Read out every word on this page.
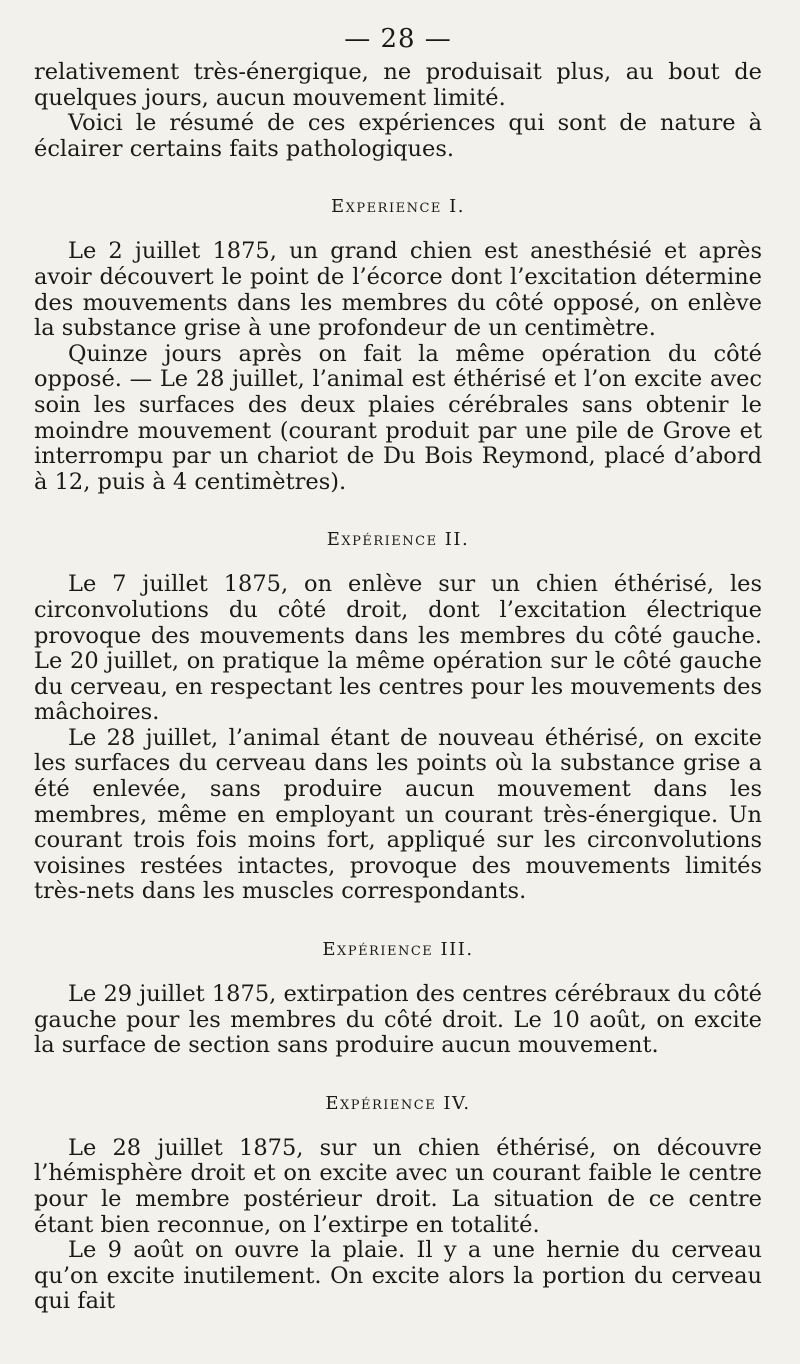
— 28 —

relativement très-énergique, ne produisait plus, au bout de quelques jours, aucun mouvement limité.

Voici le résumé de ces expériences qui sont de nature à éclairer certains faits pathologiques.

Experience I.

Le 2 juillet 1875, un grand chien est anesthésié et après avoir découvert le point de l’écorce dont l’excitation détermine des mouvements dans les membres du côté opposé, on enlève la substance grise à une profondeur de un centimètre.

Quinze jours après on fait la même opération du côté opposé. — Le 28 juillet, l’animal est éthérisé et l’on excite avec soin les surfaces des deux plaies cérébrales sans obtenir le moindre mouvement (courant produit par une pile de Grove et interrompu par un chariot de Du Bois Reymond, placé d’abord à 12, puis à 4 centimètres).

Expérience II.

Le 7 juillet 1875, on enlève sur un chien éthérisé, les circonvolutions du côté droit, dont l’excitation électrique provoque des mouvements dans les membres du côté gauche. Le 20 juillet, on pratique la même opération sur le côté gauche du cerveau, en respectant les centres pour les mouvements des mâchoires.

Le 28 juillet, l’animal étant de nouveau éthérisé, on excite les surfaces du cerveau dans les points où la substance grise a été enlevée, sans produire aucun mouvement dans les membres, même en employant un courant très-énergique. Un courant trois fois moins fort, appliqué sur les circonvolutions voisines restées intactes, provoque des mouvements limités très-nets dans les muscles correspondants.

Expérience III.

Le 29 juillet 1875, extirpation des centres cérébraux du côté gauche pour les membres du côté droit. Le 10 août, on excite la surface de section sans produire aucun mouvement.

Expérience IV.

Le 28 juillet 1875, sur un chien éthérisé, on découvre l’hémisphère droit et on excite avec un courant faible le centre pour le membre postérieur droit. La situation de ce centre étant bien reconnue, on l’extirpe en totalité.

Le 9 août on ouvre la plaie. Il y a une hernie du cerveau qu’on excite inutilement. On excite alors la portion du cerveau qui fait
